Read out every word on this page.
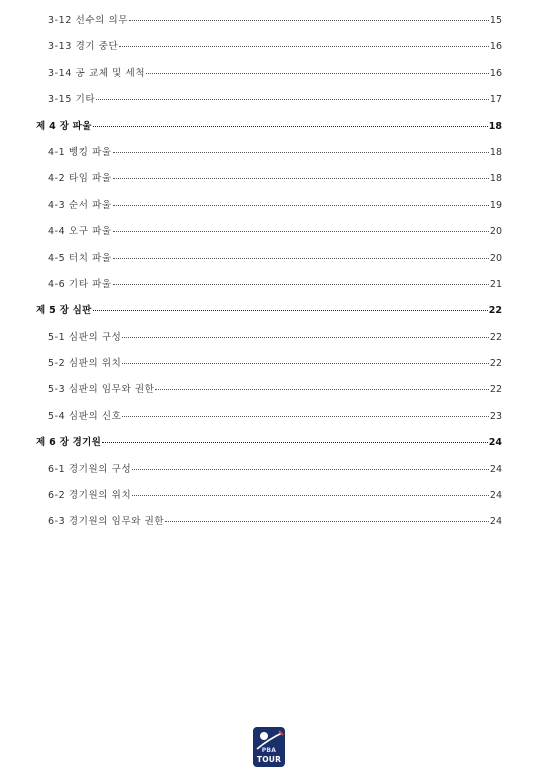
3-12 선수의 의무	15
3-13 경기 중단	16
3-14 공 교체 및 세척	16
3-15 기타	17
제 4 장 파울	18
4-1 벵킹 파울	18
4-2 타임 파울	18
4-3 순서 파울	19
4-4 오구 파울	20
4-5 터치 파울	20
4-6 기타 파울	21
제 5 장 심판	22
5-1 심판의 구성	22
5-2 심판의 위치	22
5-3 심판의 임무와 권한	22
5-4 심판의 신호	23
제 6 장 경기원	24
6-1 경기원의 구성	24
6-2 경기원의 위치	24
6-3 경기원의 임무와 권한	24
PBA
TOUR
